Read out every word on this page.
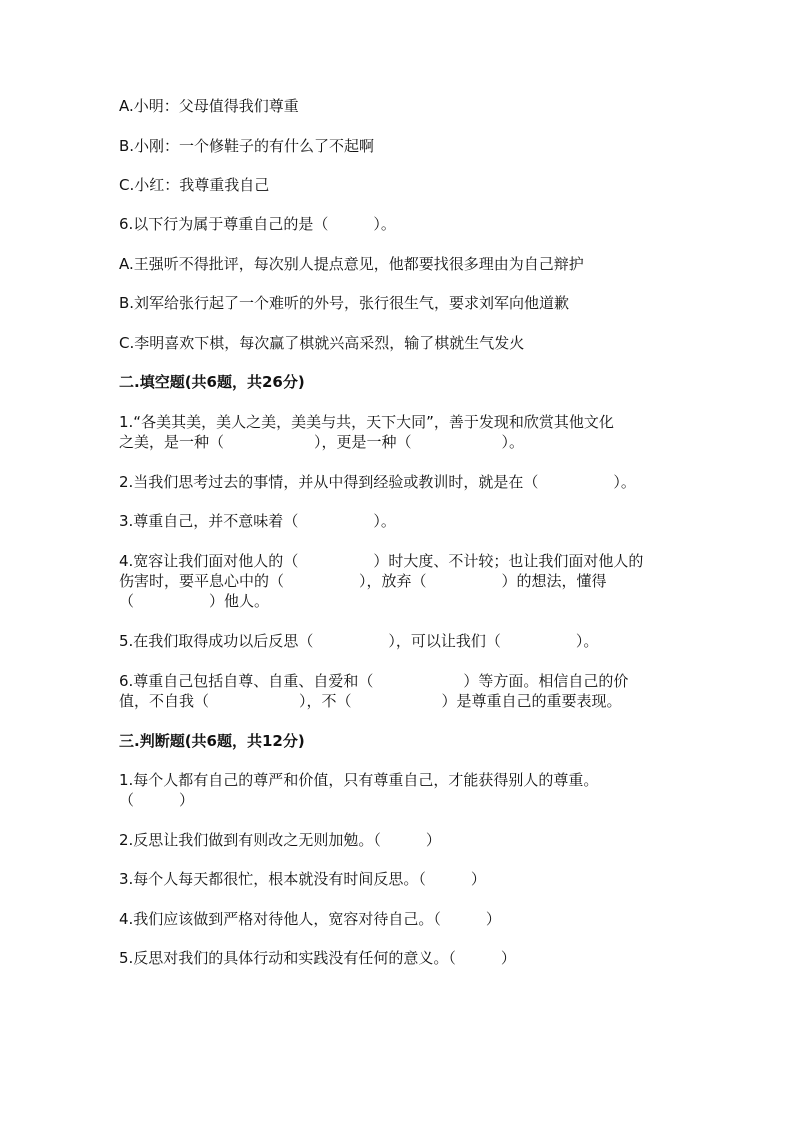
A.小明：父母值得我们尊重
B.小刚：一个修鞋子的有什么了不起啊
C.小红：我尊重我自己
6.以下行为属于尊重自己的是（　　　）。
A.王强听不得批评，每次别人提点意见，他都要找很多理由为自己辩护
B.刘军给张行起了一个难听的外号，张行很生气，要求刘军向他道歉
C.李明喜欢下棋，每次赢了棋就兴高采烈，输了棋就生气发火
二.填空题(共6题，共26分)
1.“各美其美，美人之美，美美与共，天下大同”，善于发现和欣赏其他文化
之美，是一种（　　　　　　），更是一种（　　　　　　）。
2.当我们思考过去的事情，并从中得到经验或教训时，就是在（　　　　　）。
3.尊重自己，并不意味着（　　　　　）。
4.宽容让我们面对他人的（　　　　　）时大度、不计较；也让我们面对他人的
伤害时，要平息心中的（　　　　　），放弃（　　　　　）的想法，懂得
（　　　　　）他人。
5.在我们取得成功以后反思（　　　　　），可以让我们（　　　　　）。
6.尊重自己包括自尊、自重、自爱和（　　　　　　）等方面。相信自己的价
值，不自我（　　　　　　），不（　　　　　　）是尊重自己的重要表现。
三.判断题(共6题，共12分)
1.每个人都有自己的尊严和价值，只有尊重自己，才能获得别人的尊重。
（　　　）
2.反思让我们做到有则改之无则加勉。（　　　）
3.每个人每天都很忙，根本就没有时间反思。（　　　）
4.我们应该做到严格对待他人，宽容对待自己。（　　　）
5.反思对我们的具体行动和实践没有任何的意义。（　　　）
